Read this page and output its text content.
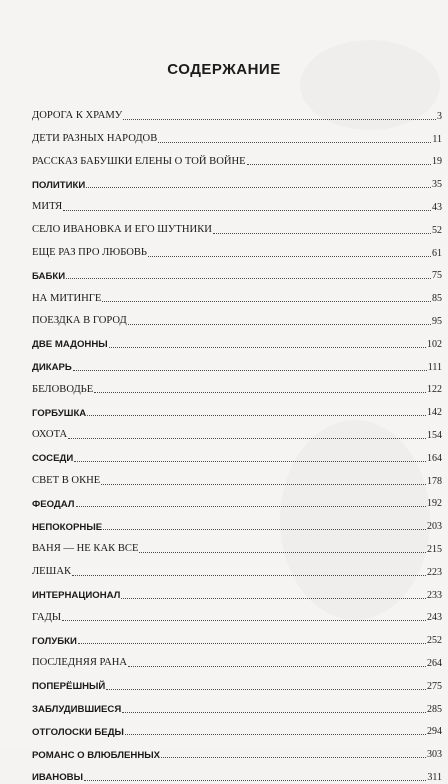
СОДЕРЖАНИЕ
ДОРОГА К ХРАМУ	3
ДЕТИ РАЗНЫХ НАРОДОВ	11
РАССКАЗ БАБУШКИ ЕЛЕНЫ О ТОЙ ВОЙНЕ	19
ПОЛИТИКИ	35
МИТЯ	43
СЕЛО ИВАНОВКА И ЕГО ШУТНИКИ	52
ЕЩЕ РАЗ ПРО ЛЮБОВЬ	61
БАБКИ	75
НА МИТИНГЕ	85
ПОЕЗДКА В ГОРОД	95
ДВЕ МАДОННЫ	102
ДИКАРЬ	111
БЕЛОВОДЬЕ	122
ГОРБУШКА	142
ОХОТА	154
СОСЕДИ	164
СВЕТ В ОКНЕ	178
ФЕОДАЛ	192
НЕПОКОРНЫЕ	203
ВАНЯ — НЕ КАК ВСЕ	215
ЛЕШАК	223
ИНТЕРНАЦИОНАЛ	233
ГАДЫ	243
ГОЛУБКИ	252
ПОСЛЕДНЯЯ РАНА	264
ПОПЕРЁШНЫЙ	275
ЗАБЛУДИВШИЕСЯ	285
ОТГОЛОСКИ БЕДЫ	294
РОМАНС О ВЛЮБЛЕННЫХ	303
ИВАНОВЫ	311
